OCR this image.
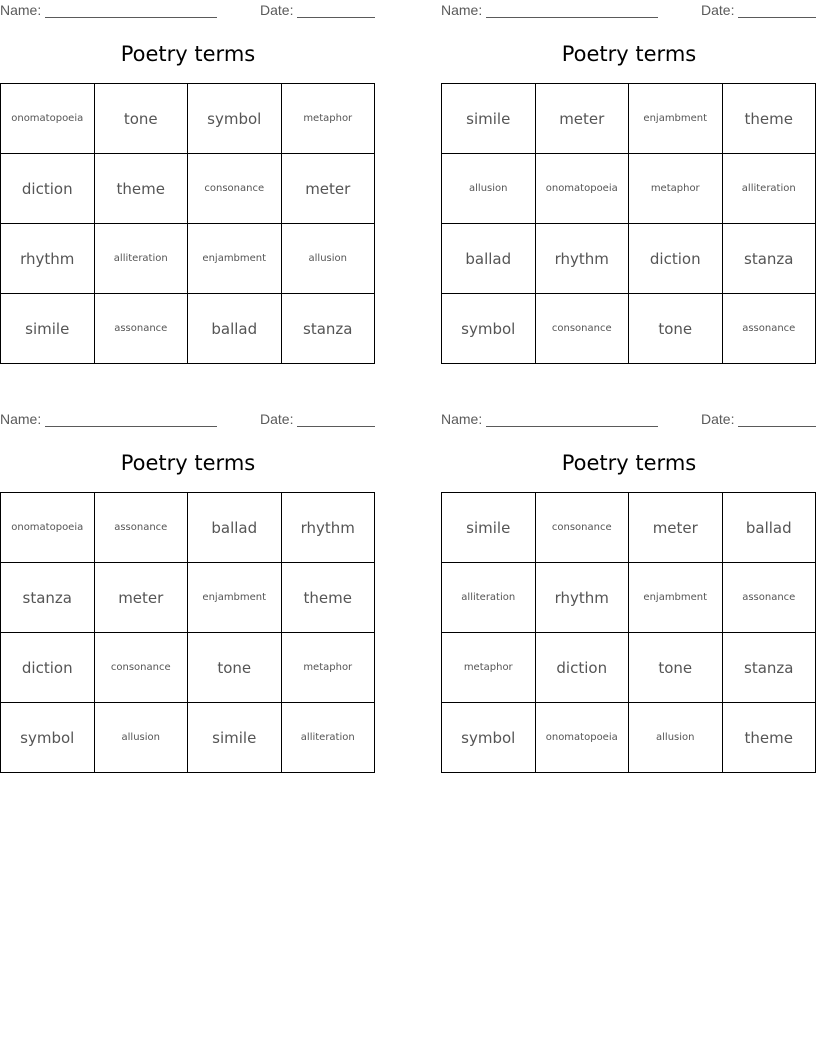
Name:	Date:
Poetry terms
onomatopoeia	tone	symbol	metaphor
diction	theme	consonance	meter
rhythm	alliteration	enjambment	allusion
simile	assonance	ballad	stanza
Name:	Date:
Poetry terms
simile	meter	enjambment	theme
allusion	onomatopoeia	metaphor	alliteration
ballad	rhythm	diction	stanza
symbol	consonance	tone	assonance
Name:	Date:
Poetry terms
onomatopoeia	assonance	ballad	rhythm
stanza	meter	enjambment	theme
diction	consonance	tone	metaphor
symbol	allusion	simile	alliteration
Name:	Date:
Poetry terms
simile	consonance	meter	ballad
alliteration	rhythm	enjambment	assonance
metaphor	diction	tone	stanza
symbol	onomatopoeia	allusion	theme
